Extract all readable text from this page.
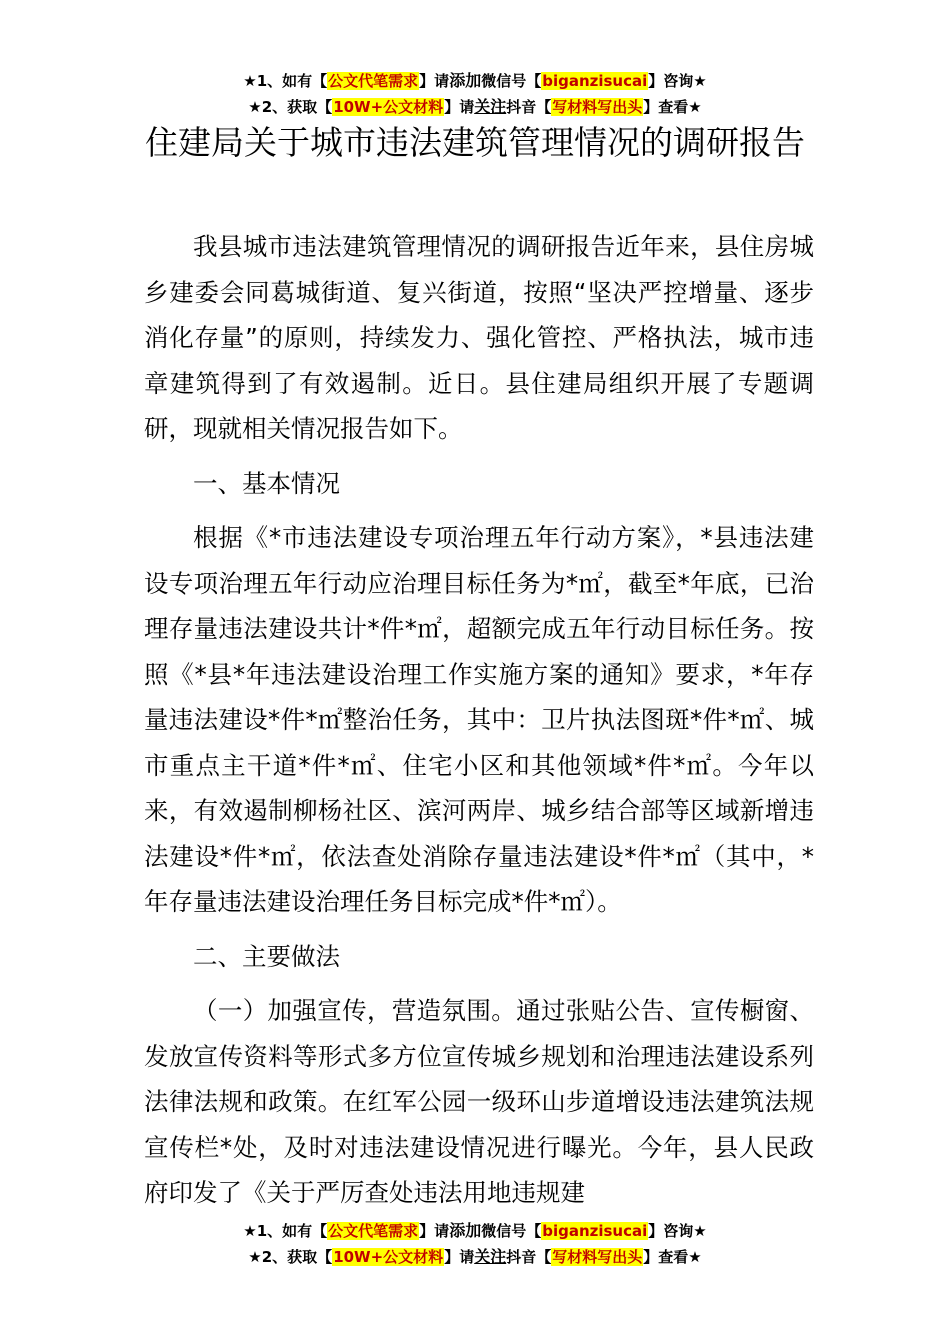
★1、如有【公文代笔需求】请添加微信号【biganzisucai】咨询★
★2、获取【10W+公文材料】请关注抖音【写材料写出头】查看★
住建局关于城市违法建筑管理情况的调研报告

我县城市违法建筑管理情况的调研报告近年来，县住房城乡建委会同葛城街道、复兴街道，按照“坚决严控增量、逐步消化存量”的原则，持续发力、强化管控、严格执法，城市违章建筑得到了有效遏制。近日。县住建局组织开展了专题调研，现就相关情况报告如下。

一、基本情况

根据《*市违法建设专项治理五年行动方案》，*县违法建设专项治理五年行动应治理目标任务为*㎡，截至*年底，已治理存量违法建设共计*件*㎡，超额完成五年行动目标任务。按照《*县*年违法建设治理工作实施方案的通知》要求，*年存量违法建设*件*㎡整治任务，其中：卫片执法图斑*件*㎡、城市重点主干道*件*㎡、住宅小区和其他领域*件*㎡。今年以来，有效遏制柳杨社区、滨河两岸、城乡结合部等区域新增违法建设*件*㎡，依法查处消除存量违法建设*件*㎡（其中，*年存量违法建设治理任务目标完成*件*㎡）。

二、主要做法

（一）加强宣传，营造氛围。通过张贴公告、宣传橱窗、发放宣传资料等形式多方位宣传城乡规划和治理违法建设系列法律法规和政策。在红军公园一级环山步道增设违法建筑法规宣传栏*处，及时对违法建设情况进行曝光。今年，县人民政府印发了《关于严厉查处违法用地违规建

★1、如有【公文代笔需求】请添加微信号【biganzisucai】咨询★
★2、获取【10W+公文材料】请关注抖音【写材料写出头】查看★
